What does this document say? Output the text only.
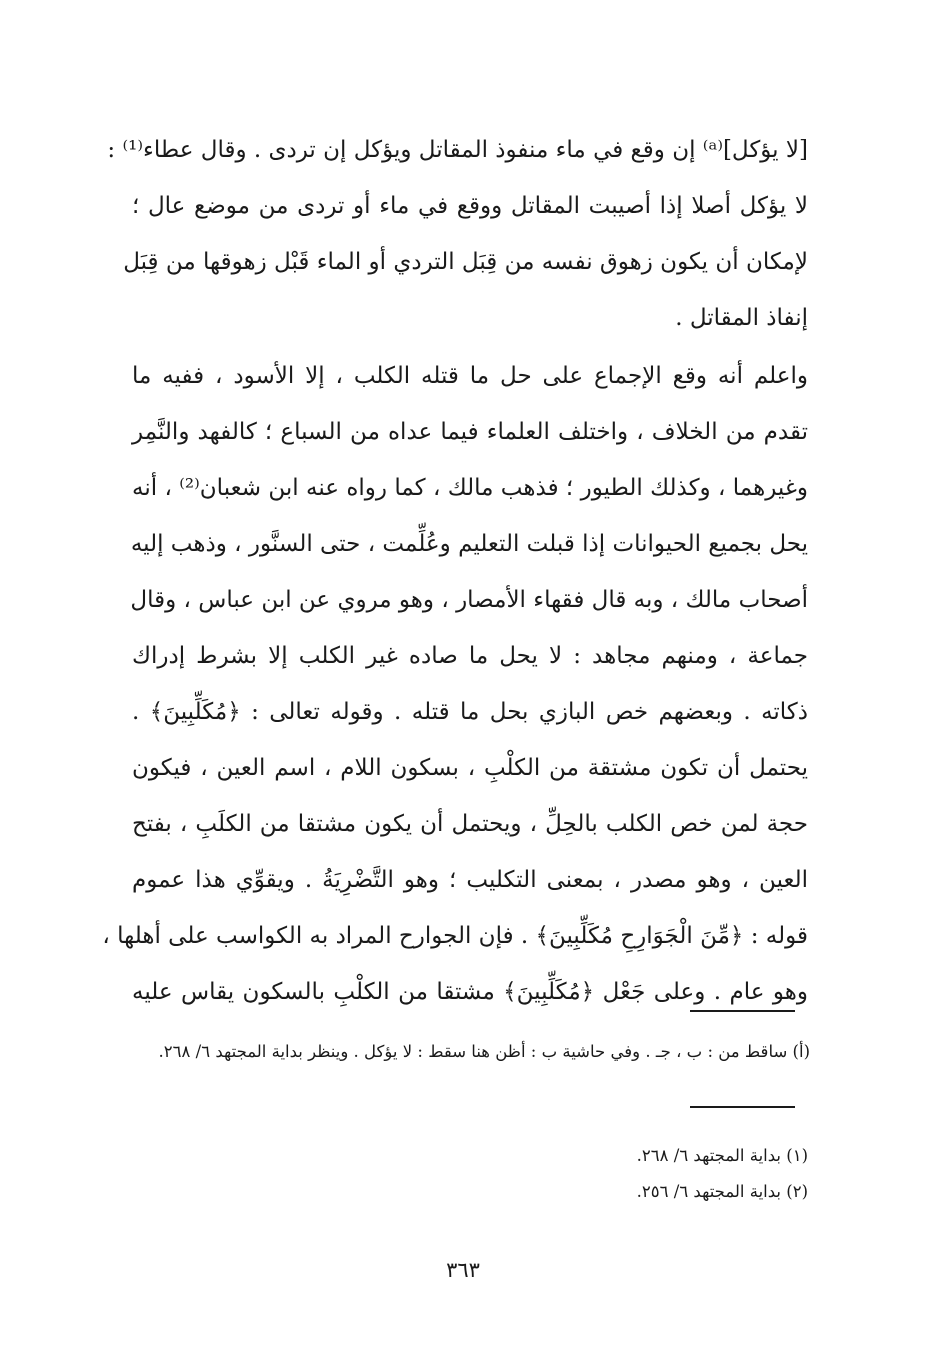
[لا يؤكل]⁽ᵃ⁾ إن وقع في ماء منفوذ المقاتل ويؤكل إن تردى . وقال عطاء⁽¹⁾ :
لا يؤكل أصلا إذا أصيبت المقاتل ووقع في ماء أو تردى من موضع عال ؛
لإمكان أن يكون زهوق نفسه من قِبَل التردي أو الماء قَبْل زهوقها من قِبَل
إنفاذ المقاتل .
واعلم أنه وقع الإجماع على حل ما قتله الكلب ، إلا الأسود ، ففيه ما
تقدم من الخلاف ، واختلف العلماء فيما عداه من السباع ؛ كالفهد والنَّمِر
وغيرهما ، وكذلك الطيور ؛ فذهب مالك ، كما رواه عنه ابن شعبان⁽²⁾ ، أنه
يحل بجميع الحيوانات إذا قبلت التعليم وعُلِّمت ، حتى السنَّور ، وذهب إليه
أصحاب مالك ، وبه قال فقهاء الأمصار ، وهو مروي عن ابن عباس ، وقال
جماعة ، ومنهم مجاهد : لا يحل ما صاده غير الكلب إلا بشرط إدراك
ذكاته . وبعضهم خص البازي بحل ما قتله . وقوله تعالى : ﴿مُكَلِّبِينَ﴾ .
يحتمل أن تكون مشتقة من الكلْبِ ، بسكون اللام ، اسم العين ، فيكون
حجة لمن خص الكلب بالحِلِّ ، ويحتمل أن يكون مشتقا من الكلَبِ ، بفتح
العين ، وهو مصدر ، بمعنى التكليب ؛ وهو التَّضْرِيَةُ . ويقوِّي هذا عموم
قوله : ﴿مِّنَ الْجَوَارِحِ مُكَلِّبِينَ﴾ . فإن الجوارح المراد به الكواسب على أهلها ،
وهو عام . وعلى جَعْل ﴿مُكَلِّبِينَ﴾ مشتقا من الكلْبِ بالسكون يقاس عليه
(أ) ساقط من : ب ، جـ . وفي حاشية ب : أظن هنا سقط : لا يؤكل . وينظر بداية المجتهد ٦/ ٢٦٨.
(١) بداية المجتهد ٦/ ٢٦٨.
(٢) بداية المجتهد ٦/ ٢٥٦.
٣٦٣
